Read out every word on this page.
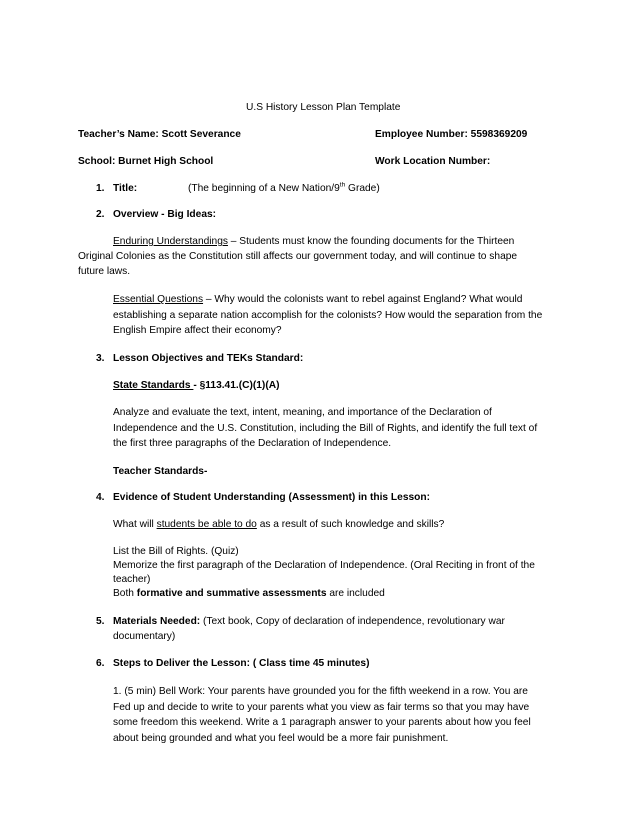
U.S History Lesson Plan Template
Teacher’s Name: Scott Severance	Employee Number: 5598369209
School: Burnet High School	Work Location Number:
1. Title:	(The beginning of a New Nation/9th Grade)
2. Overview - Big Ideas:
Enduring Understandings – Students must know the founding documents for the Thirteen
Original Colonies as the Constitution still affects our government today, and will continue to shape
future laws.
Essential Questions – Why would the colonists want to rebel against England? What would
establishing a separate nation accomplish for the colonists? How would the separation from the
English Empire affect their economy?
3. Lesson Objectives and TEKs Standard:
State Standards - §113.41.(C)(1)(A)
Analyze and evaluate the text, intent, meaning, and importance of the Declaration of
Independence and the U.S. Constitution, including the Bill of Rights, and identify the full text of
the first three paragraphs of the Declaration of Independence.
Teacher Standards-
4. Evidence of Student Understanding (Assessment) in this Lesson:
What will students be able to do as a result of such knowledge and skills?
List the Bill of Rights. (Quiz)
Memorize the first paragraph of the Declaration of Independence. (Oral Reciting in front of the
teacher)
Both formative and summative assessments are included
5. Materials Needed: (Text book, Copy of declaration of independence, revolutionary war
documentary)
6. Steps to Deliver the Lesson: ( Class time 45 minutes)
1. (5 min) Bell Work: Your parents have grounded you for the fifth weekend in a row. You are
Fed up and decide to write to your parents what you view as fair terms so that you may have
some freedom this weekend. Write a 1 paragraph answer to your parents about how you feel
about being grounded and what you feel would be a more fair punishment.
